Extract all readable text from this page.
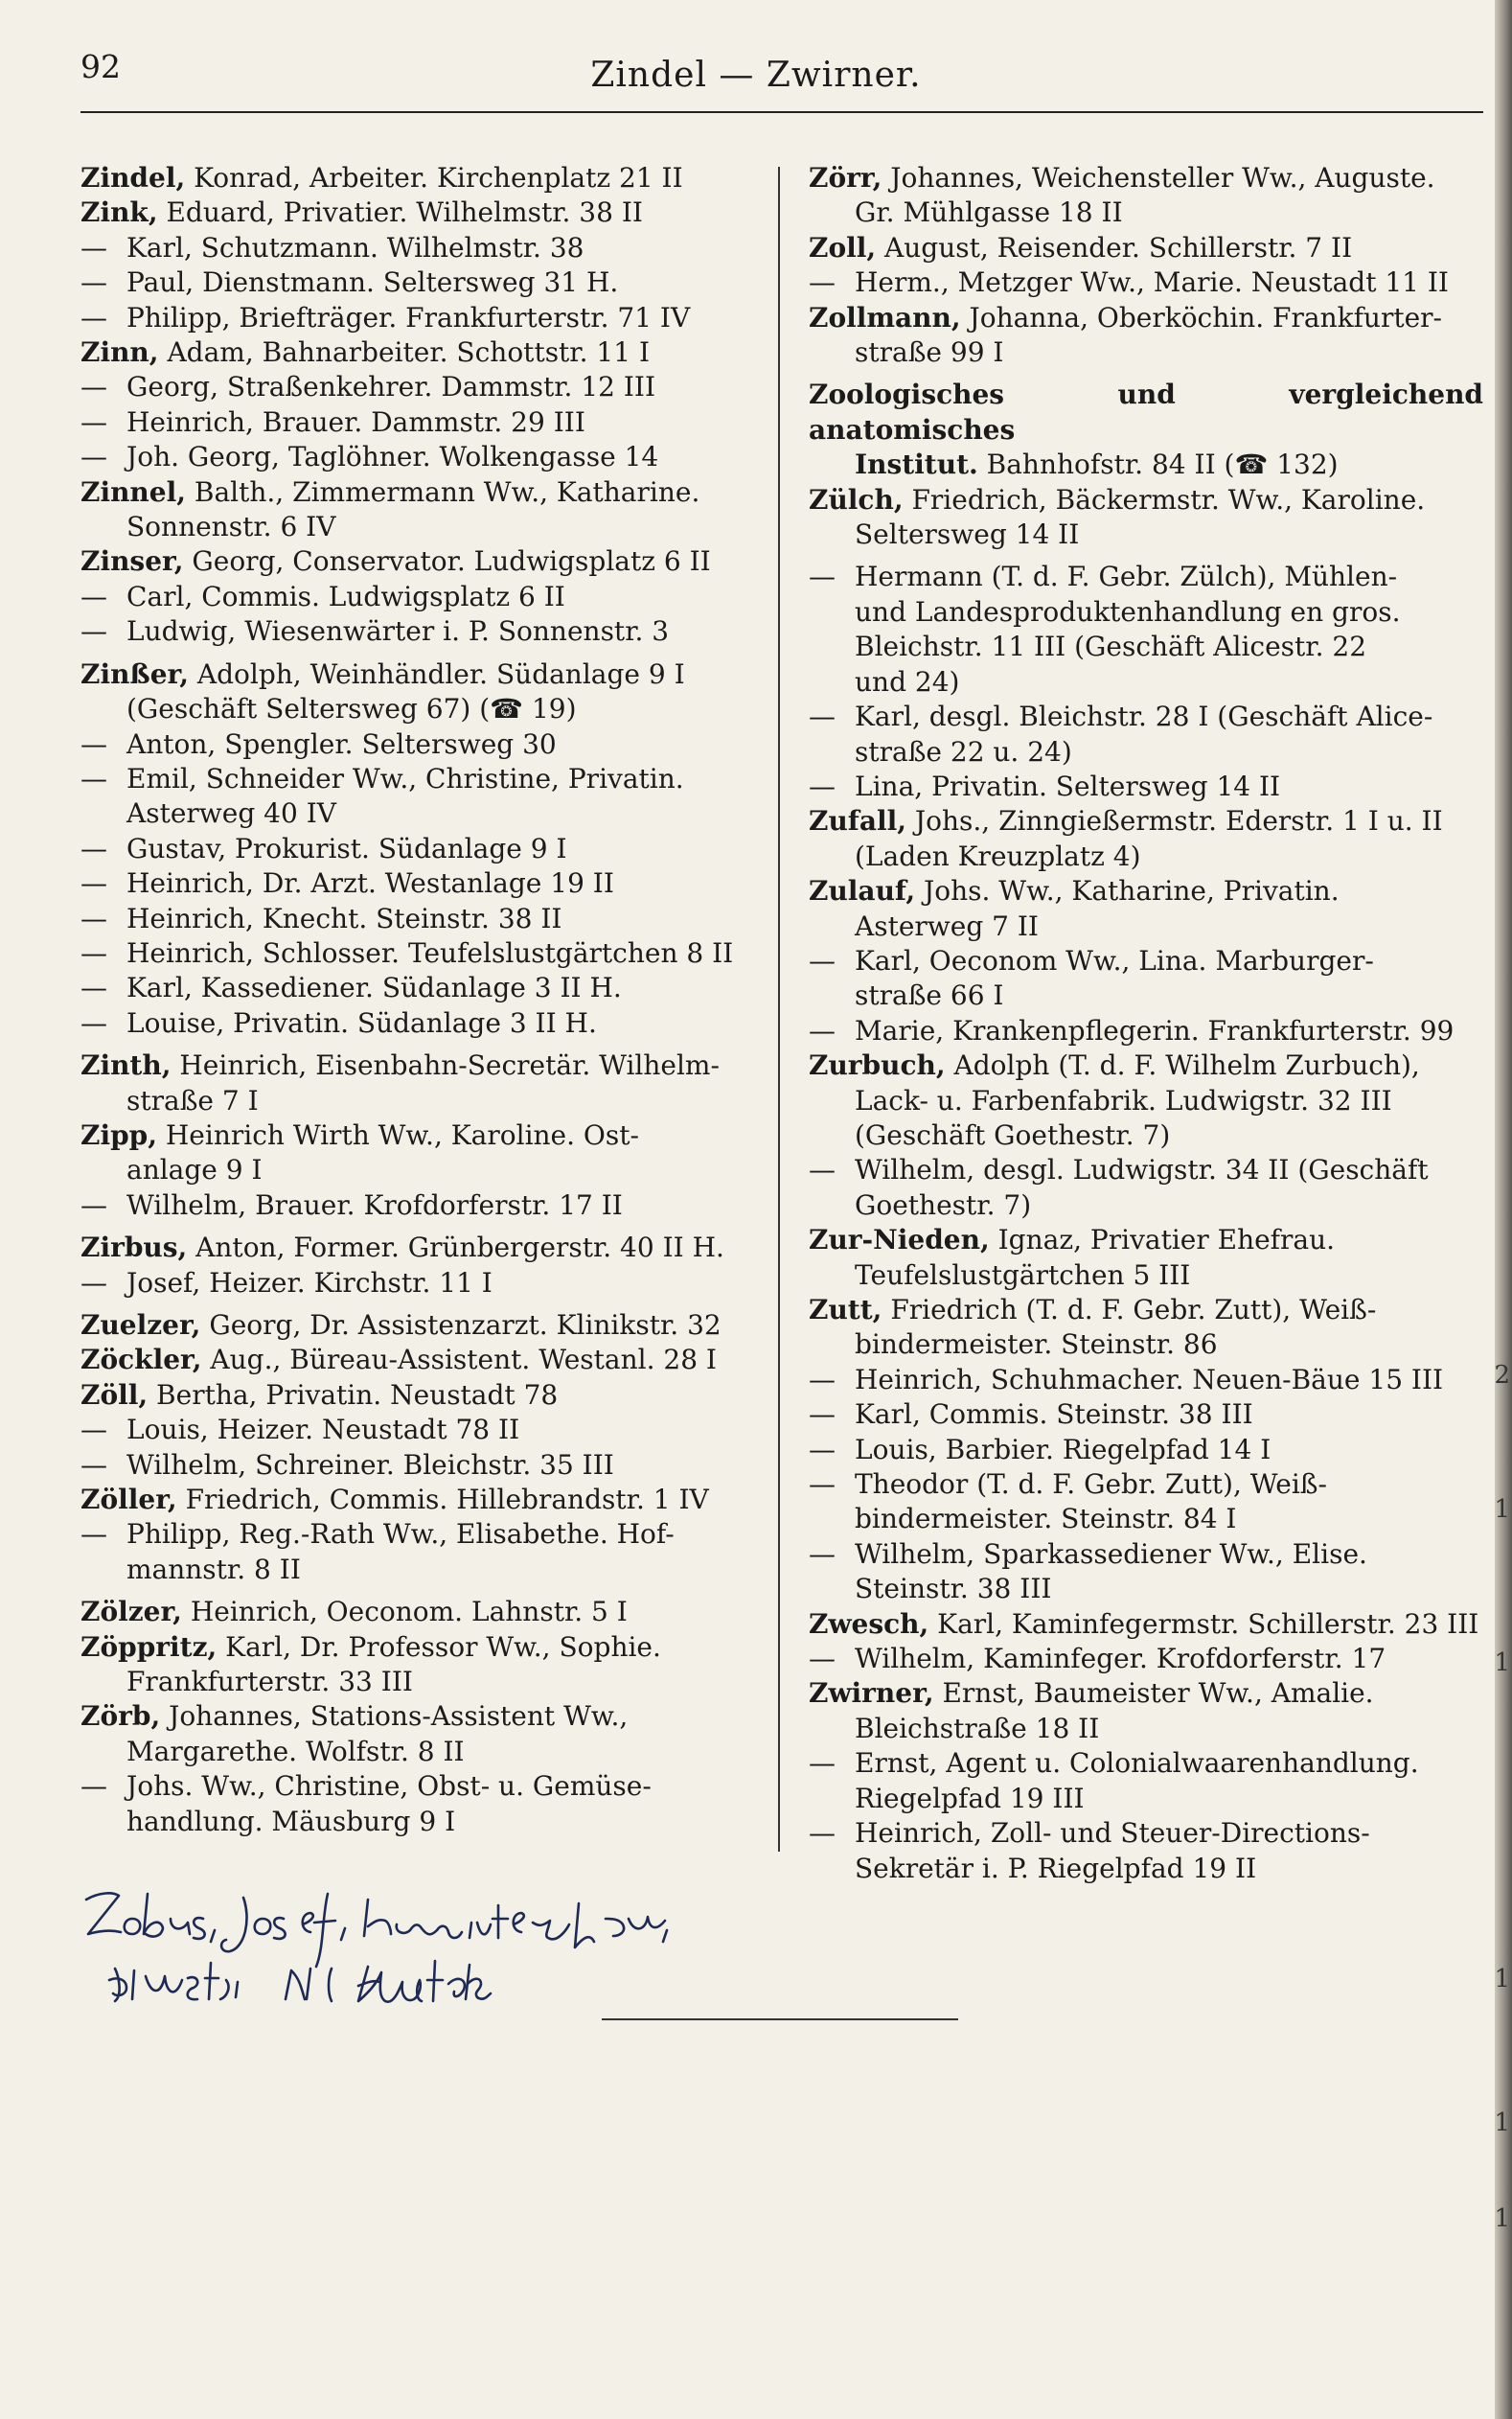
92	Zindel — Zwirner.
Zindel, Konrad, Arbeiter. Kirchenplatz 21 II
Zink, Eduard, Privatier. Wilhelmstr. 38 II
— Karl, Schutzmann. Wilhelmstr. 38
— Paul, Dienstmann. Seltersweg 31 H.
— Philipp, Briefträger. Frankfurterstr. 71 IV
Zinn, Adam, Bahnarbeiter. Schottstr. 11 I
— Georg, Straßenkehrer. Dammstr. 12 III
— Heinrich, Brauer. Dammstr. 29 III
— Joh. Georg, Taglöhner. Wolkengasse 14
Zinnel, Balth., Zimmermann Ww., Katharine.
Sonnenstr. 6 IV
Zinser, Georg, Conservator. Ludwigsplatz 6 II
— Carl, Commis. Ludwigsplatz 6 II
— Ludwig, Wiesenwärter i. P. Sonnenstr. 3
Zinßer, Adolph, Weinhändler. Südanlage 9 I
(Geschäft Seltersweg 67) (☎ 19)
— Anton, Spengler. Seltersweg 30
— Emil, Schneider Ww., Christine, Privatin.
Asterweg 40 IV
— Gustav, Prokurist. Südanlage 9 I
— Heinrich, Dr. Arzt. Westanlage 19 II
— Heinrich, Knecht. Steinstr. 38 II
— Heinrich, Schlosser. Teufelslustgärtchen 8 II
— Karl, Kassediener. Südanlage 3 II H.
— Louise, Privatin. Südanlage 3 II H.
Zinth, Heinrich, Eisenbahn-Secretär. Wilhelm-
straße 7 I
Zipp, Heinrich Wirth Ww., Karoline. Ost-
anlage 9 I
— Wilhelm, Brauer. Krofdorferstr. 17 II
Zirbus, Anton, Former. Grünbergerstr. 40 II H.
— Josef, Heizer. Kirchstr. 11 I
Zuelzer, Georg, Dr. Assistenzarzt. Klinikstr. 32
Zöckler, Aug., Büreau-Assistent. Westanl. 28 I
Zöll, Bertha, Privatin. Neustadt 78
— Louis, Heizer. Neustadt 78 II
— Wilhelm, Schreiner. Bleichstr. 35 III
Zöller, Friedrich, Commis. Hillebrandstr. 1 IV
— Philipp, Reg.-Rath Ww., Elisabethe. Hof-
mannstr. 8 II
Zölzer, Heinrich, Oeconom. Lahnstr. 5 I
Zöppritz, Karl, Dr. Professor Ww., Sophie.
Frankfurterstr. 33 III
Zörb, Johannes, Stations-Assistent Ww.,
Margarethe. Wolfstr. 8 II
— Johs. Ww., Christine, Obst- u. Gemüse-
handlung. Mäusburg 9 I
Zörr, Johannes, Weichensteller Ww., Auguste.
Gr. Mühlgasse 18 II
Zoll, August, Reisender. Schillerstr. 7 II
— Herm., Metzger Ww., Marie. Neustadt 11 II
Zollmann, Johanna, Oberköchin. Frankfurter-
straße 99 I
Zoologisches und vergleichend anatomisches
Institut. Bahnhofstr. 84 II (☎ 132)
Zülch, Friedrich, Bäckermstr. Ww., Karoline.
Seltersweg 14 II
— Hermann (T. d. F. Gebr. Zülch), Mühlen-
und Landesproduktenhandlung en gros.
Bleichstr. 11 III (Geschäft Alicestr. 22
und 24)
— Karl, desgl. Bleichstr. 28 I (Geschäft Alice-
straße 22 u. 24)
— Lina, Privatin. Seltersweg 14 II
Zufall, Johs., Zinngießermstr. Ederstr. 1 I u. II
(Laden Kreuzplatz 4)
Zulauf, Johs. Ww., Katharine, Privatin.
Asterweg 7 II
— Karl, Oeconom Ww., Lina. Marburger-
straße 66 I
— Marie, Krankenpflegerin. Frankfurterstr. 99
Zurbuch, Adolph (T. d. F. Wilhelm Zurbuch),
Lack- u. Farbenfabrik. Ludwigstr. 32 III
(Geschäft Goethestr. 7)
— Wilhelm, desgl. Ludwigstr. 34 II (Geschäft
Goethestr. 7)
Zur-Nieden, Ignaz, Privatier Ehefrau.
Teufelslustgärtchen 5 III
Zutt, Friedrich (T. d. F. Gebr. Zutt), Weiß-
bindermeister. Steinstr. 86
— Heinrich, Schuhmacher. Neuen-Bäue 15 III
— Karl, Commis. Steinstr. 38 III
— Louis, Barbier. Riegelpfad 14 I
— Theodor (T. d. F. Gebr. Zutt), Weiß-
bindermeister. Steinstr. 84 I
— Wilhelm, Sparkassediener Ww., Elise.
Steinstr. 38 III
Zwesch, Karl, Kaminfegermstr. Schillerstr. 23 III
— Wilhelm, Kaminfeger. Krofdorferstr. 17
Zwirner, Ernst, Baumeister Ww., Amalie.
Bleichstraße 18 II
— Ernst, Agent u. Colonialwaarenhandlung.
Riegelpfad 19 III
— Heinrich, Zoll- und Steuer-Directions-
Sekretär i. P. Riegelpfad 19 II
2
1
1
1
1
1
